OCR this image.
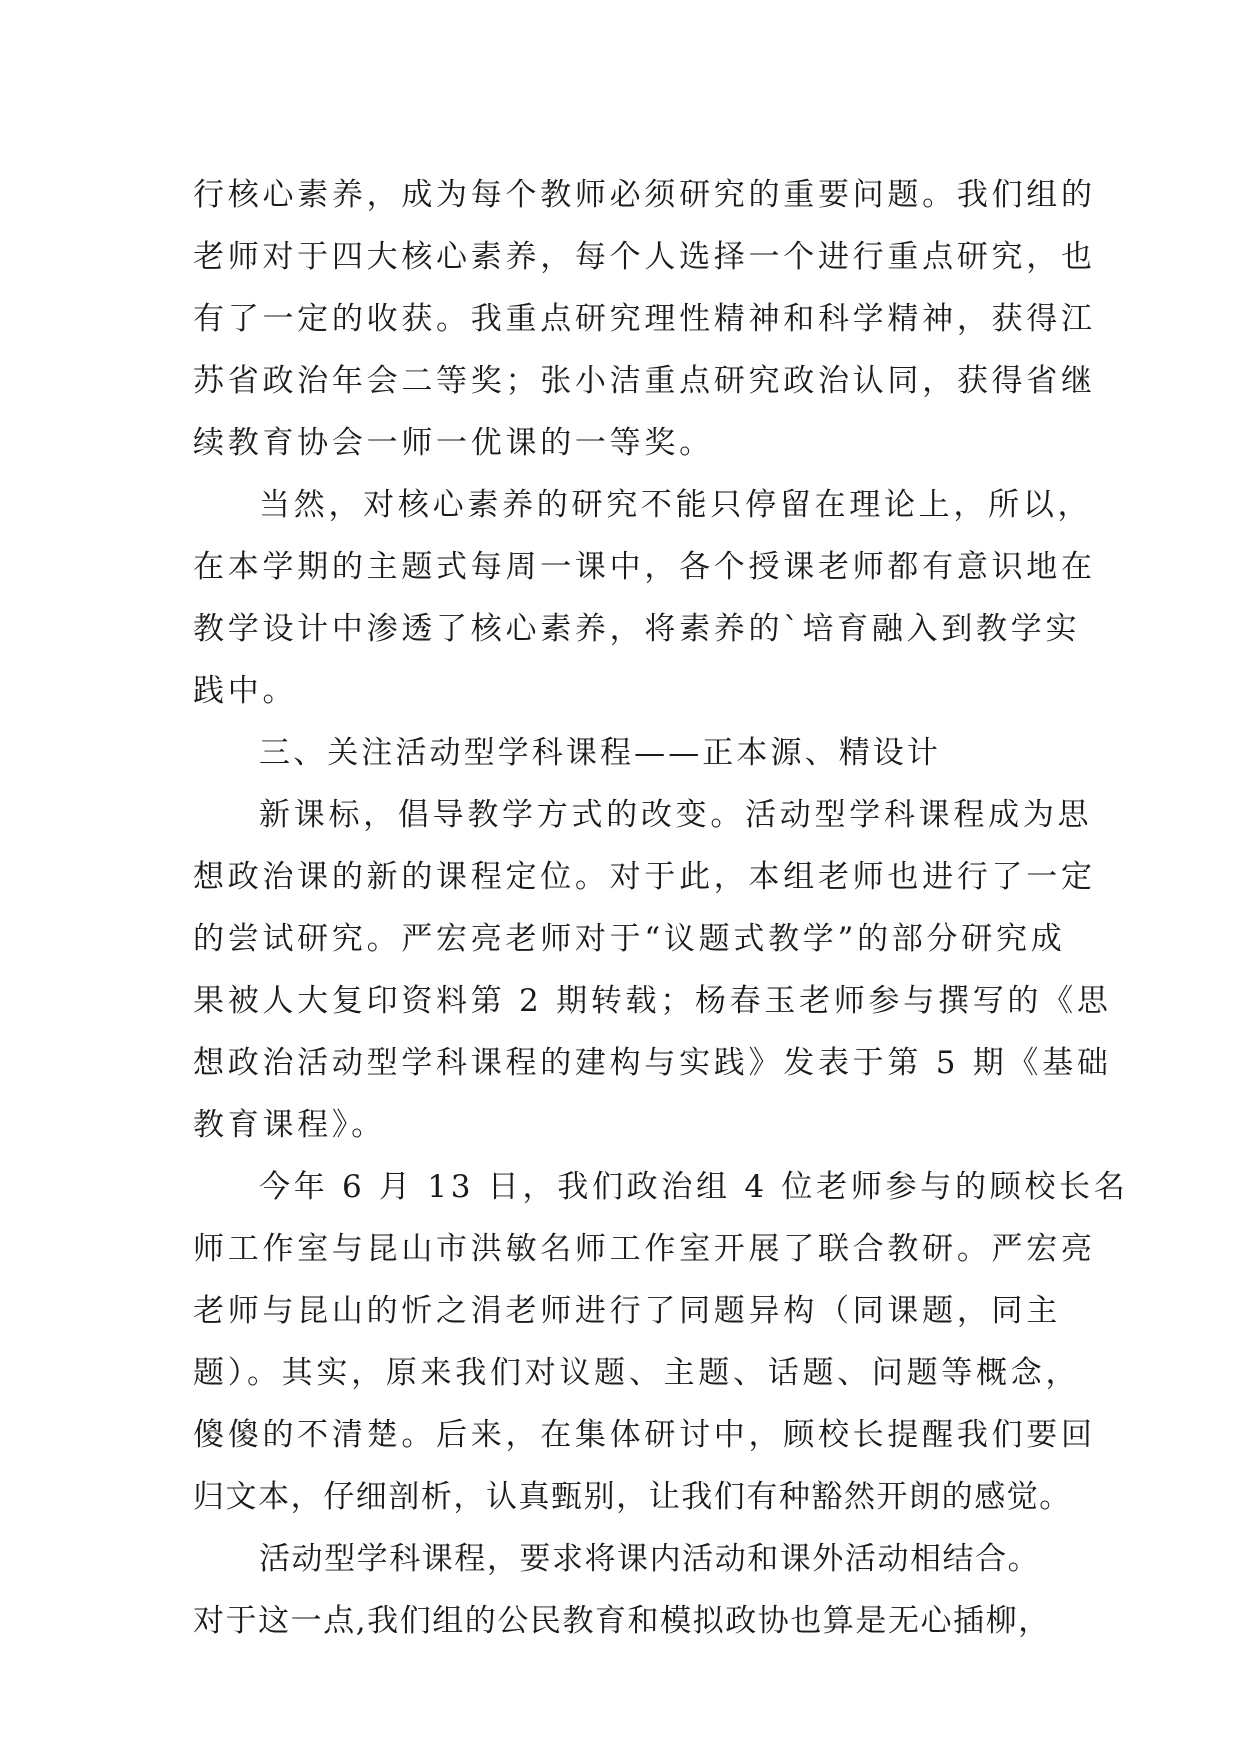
行核心素养，成为每个教师必须研究的重要问题。我们组的
老师对于四大核心素养，每个人选择一个进行重点研究，也
有了一定的收获。我重点研究理性精神和科学精神，获得江
苏省政治年会二等奖；张小洁重点研究政治认同，获得省继
续教育协会一师一优课的一等奖。
当然，对核心素养的研究不能只停留在理论上，所以，
在本学期的主题式每周一课中，各个授课老师都有意识地在
教学设计中渗透了核心素养，将素养的`培育融入到教学实
践中。
三、关注活动型学科课程——正本源、精设计
新课标，倡导教学方式的改变。活动型学科课程成为思
想政治课的新的课程定位。对于此，本组老师也进行了一定
的尝试研究。严宏亮老师对于“议题式教学”的部分研究成
果被人大复印资料第 2 期转载；杨春玉老师参与撰写的《思
想政治活动型学科课程的建构与实践》发表于第 5 期《基础
教育课程》。
今年 6 月 13 日，我们政治组 4 位老师参与的顾校长名
师工作室与昆山市洪敏名师工作室开展了联合教研。严宏亮
老师与昆山的忻之涓老师进行了同题异构（同课题，同主
题）。其实，原来我们对议题、主题、话题、问题等概念，
傻傻的不清楚。后来，在集体研讨中，顾校长提醒我们要回
归文本，仔细剖析，认真甄别，让我们有种豁然开朗的感觉。
活动型学科课程，要求将课内活动和课外活动相结合。
对于这一点,我们组的公民教育和模拟政协也算是无心插柳，
